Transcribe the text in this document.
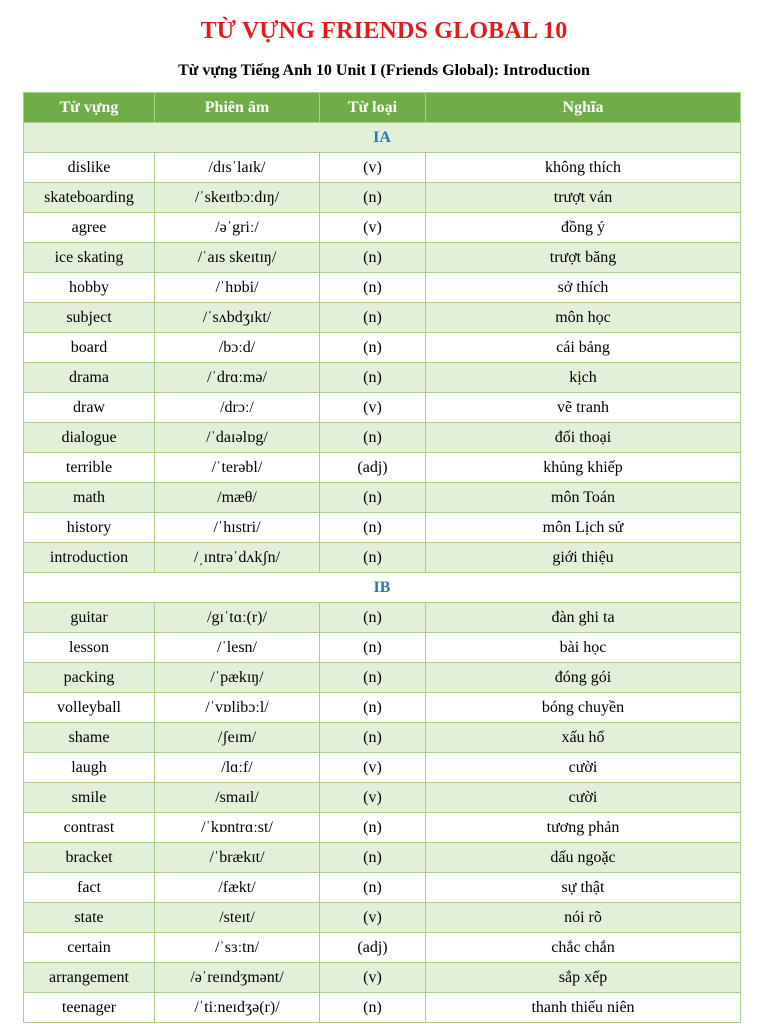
TỪ VỰNG FRIENDS GLOBAL 10
Từ vựng Tiếng Anh 10 Unit I (Friends Global): Introduction
Từ vựng	Phiên âm	Từ loại	Nghĩa
IA			
dislike	/dɪsˈlaɪk/	(v)	không thích
skateboarding	/ˈskeɪtbɔːdɪŋ/	(n)	trượt ván
agree	/əˈgriː/	(v)	đồng ý
ice skating	/ˈaɪs skeɪtɪŋ/	(n)	trượt băng
hobby	/ˈhɒbi/	(n)	sở thích
subject	/ˈsʌbdʒɪkt/	(n)	môn học
board	/bɔːd/	(n)	cái bảng
drama	/ˈdrɑːmə/	(n)	kịch
draw	/drɔː/	(v)	vẽ tranh
dialogue	/ˈdaɪəlɒg/	(n)	đối thoại
terrible	/ˈterəbl/	(adj)	khủng khiếp
math	/mæθ/	(n)	môn Toán
history	/ˈhɪstri/	(n)	môn Lịch sử
introduction	/ˌɪntrəˈdʌkʃn/	(n)	giới thiệu
IB			
guitar	/gɪˈtɑː(r)/	(n)	đàn ghi ta
lesson	/ˈlesn/	(n)	bài học
packing	/ˈpækɪŋ/	(n)	đóng gói
volleyball	/ˈvɒlibɔːl/	(n)	bóng chuyền
shame	/ʃeɪm/	(n)	xấu hổ
laugh	/lɑːf/	(v)	cười
smile	/smaɪl/	(v)	cười
contrast	/ˈkɒntrɑːst/	(n)	tương phản
bracket	/ˈbrækɪt/	(n)	dấu ngoặc
fact	/fækt/	(n)	sự thật
state	/steɪt/	(v)	nói rõ
certain	/ˈsɜːtn/	(adj)	chắc chắn
arrangement	/əˈreɪndʒmənt/	(v)	sắp xếp
teenager	/ˈtiːneɪdʒə(r)/	(n)	thanh thiếu niên
